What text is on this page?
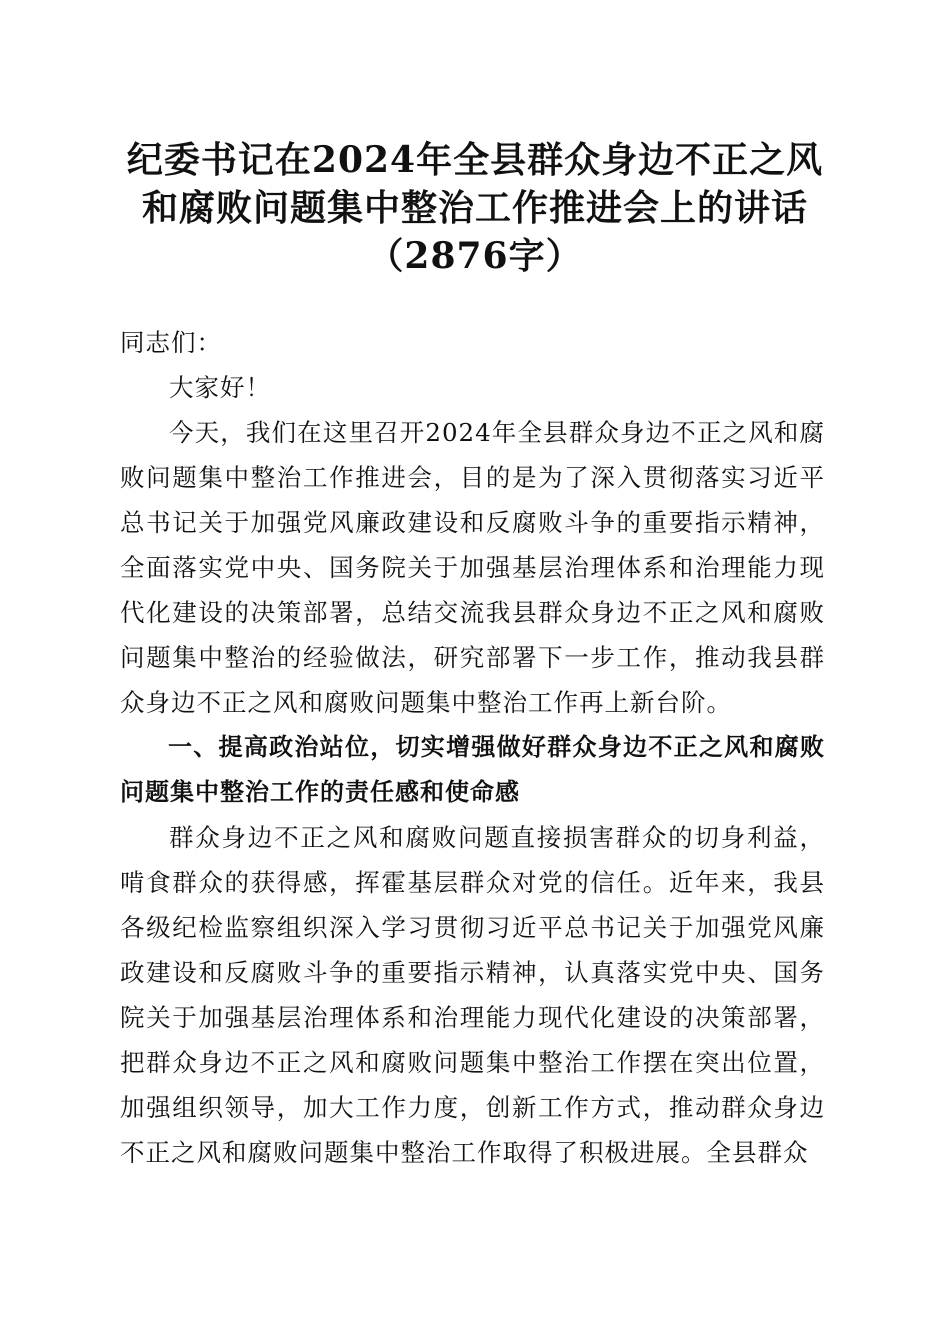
纪委书记在2024年全县群众身边不正之风和腐败问题集中整治工作推进会上的讲话（2876字）

同志们：

大家好！

今天，我们在这里召开2024年全县群众身边不正之风和腐败问题集中整治工作推进会，目的是为了深入贯彻落实习近平总书记关于加强党风廉政建设和反腐败斗争的重要指示精神，全面落实党中央、国务院关于加强基层治理体系和治理能力现代化建设的决策部署，总结交流我县群众身边不正之风和腐败问题集中整治的经验做法，研究部署下一步工作，推动我县群众身边不正之风和腐败问题集中整治工作再上新台阶。

一、提高政治站位，切实增强做好群众身边不正之风和腐败问题集中整治工作的责任感和使命感

群众身边不正之风和腐败问题直接损害群众的切身利益，啃食群众的获得感，挥霍基层群众对党的信任。近年来，我县各级纪检监察组织深入学习贯彻习近平总书记关于加强党风廉政建设和反腐败斗争的重要指示精神，认真落实党中央、国务院关于加强基层治理体系和治理能力现代化建设的决策部署，把群众身边不正之风和腐败问题集中整治工作摆在突出位置，加强组织领导，加大工作力度，创新工作方式，推动群众身边不正之风和腐败问题集中整治工作取得了积极进展。全县群众
